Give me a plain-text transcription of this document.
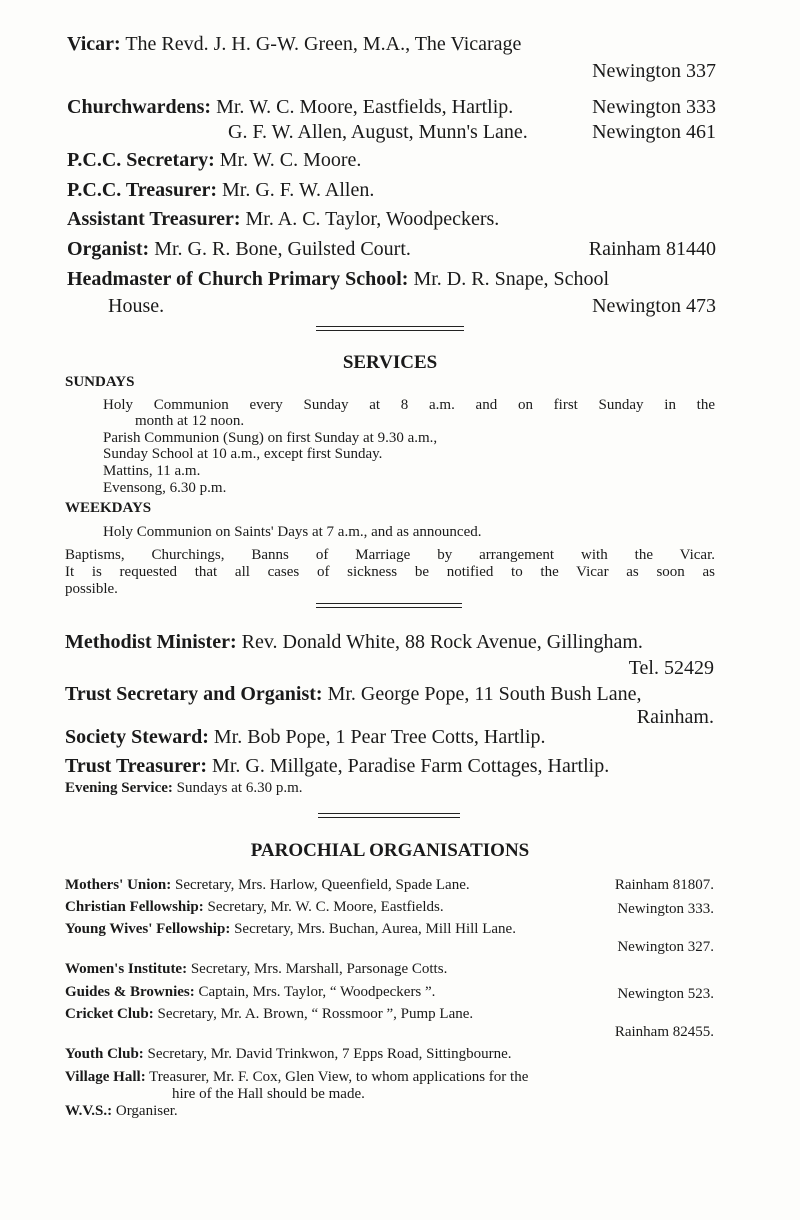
Vicar: The Revd. J. H. G-W. Green, M.A., The Vicarage
Newington 337
Churchwardens: Mr. W. C. Moore, Eastfields, Hartlip.	Newington 333
G. F. W. Allen, August, Munn's Lane.	Newington 461
P.C.C. Secretary: Mr. W. C. Moore.
P.C.C. Treasurer: Mr. G. F. W. Allen.
Assistant Treasurer: Mr. A. C. Taylor, Woodpeckers.
Organist: Mr. G. R. Bone, Guilsted Court.	Rainham 81440
Headmaster of Church Primary School: Mr. D. R. Snape, School
House.	Newington 473
SERVICES
SUNDAYS
Holy Communion every Sunday at 8 a.m. and on first Sunday in the
month at 12 noon.
Parish Communion (Sung) on first Sunday at 9.30 a.m.,
Sunday School at 10 a.m., except first Sunday.
Mattins, 11 a.m.
Evensong, 6.30 p.m.
WEEKDAYS
Holy Communion on Saints' Days at 7 a.m., and as announced.
Baptisms, Churchings, Banns of Marriage by arrangement with the Vicar.
It is requested that all cases of sickness be notified to the Vicar as soon as
possible.
Methodist Minister: Rev. Donald White, 88 Rock Avenue, Gillingham.
Tel. 52429
Trust Secretary and Organist: Mr. George Pope, 11 South Bush Lane,
Rainham.
Society Steward: Mr. Bob Pope, 1 Pear Tree Cotts, Hartlip.
Trust Treasurer: Mr. G. Millgate, Paradise Farm Cottages, Hartlip.
Evening Service: Sundays at 6.30 p.m.
PAROCHIAL ORGANISATIONS
Mothers' Union: Secretary, Mrs. Harlow, Queenfield, Spade Lane.	Rainham 81807.
Christian Fellowship: Secretary, Mr. W. C. Moore, Eastfields.	Newington 333.
Young Wives' Fellowship: Secretary, Mrs. Buchan, Aurea, Mill Hill Lane.
Newington 327.
Women's Institute: Secretary, Mrs. Marshall, Parsonage Cotts.
Guides & Brownies: Captain, Mrs. Taylor, “ Woodpeckers ”.	Newington 523.
Cricket Club: Secretary, Mr. A. Brown, “ Rossmoor ”, Pump Lane.
Rainham 82455.
Youth Club: Secretary, Mr. David Trinkwon, 7 Epps Road, Sittingbourne.
Village Hall: Treasurer, Mr. F. Cox, Glen View, to whom applications for the
hire of the Hall should be made.
W.V.S.: Organiser.
